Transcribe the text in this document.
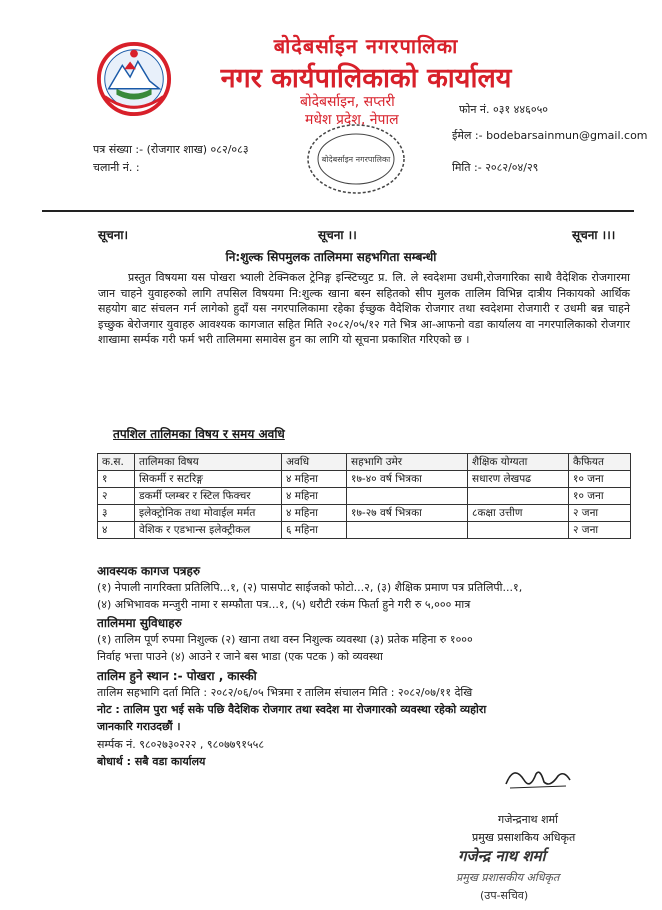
बोदेबर्साइन नगरपालिका
नगर कार्यपालिकाको कार्यालय
बोदेबर्साइन, सप्तरी
मधेश प्रदेश, नेपाल
बोदेबर्साइन नगरपालिका
फोन नं. ०३१ ४४६०५०
ईमेल :- bodebarsainmun@gmail.com
पत्र संख्या :- (रोजगार शाख) ०८२/०८३
चलानी नं. :	मिति :- २०८२/०४/२९
सूचना।	सूचना ।।	सूचना ।।।
नि:शुल्क सिपमुलक तालिममा सहभगिता सम्बन्धी
प्रस्तुत विषयमा यस पोखरा भ्याली टेक्निकल ट्रेनिङ्ग इन्स्टिच्युट प्र. लि. ले स्वदेशमा उधमी,रोजगारिका साथै वैदेशिक रोजगारमा जान चाहने युवाहरुको लागि तपसिल विषयमा नि:शुल्क खाना बस्न सहितको सीप मुलक तालिम विभिन्न दात्रीय निकायको आर्थिक सहयोग बाट संचलन गर्न लागेको हुदाँ यस नगरपालिकामा रहेका ईच्छुक वैदेशिक रोजगार तथा स्वदेशमा रोजगारी र उधमी बन्न चाहने इच्छुक बेरोजगार युवाहरु आवश्यक कागजात सहित मिति २०८२/०५/१२ गते भित्र आ-आफनो वडा कार्यालय वा नगरपालिकाको रोजगार शाखामा सर्म्पक गरी फर्म भरी तालिममा समावेस हुन का लागि यो सूचना प्रकाशित गरिएको छ ।
तपशिल तालिमका विषय र समय अवधि
क.स.	तालिमका विषय	अवधि	सहभागि उमेर	शैक्षिक योग्यता	कैफियत
१	सिकर्मी र सटरिङ्ग	४ महिना	१७-४० वर्ष भित्रका	सधारण लेखपढ	१० जना
२	डकर्मी प्लम्बर र स्टिल फिक्चर	४ महिना			१० जना
३	इलेक्ट्रोनिक तथा मोवाईल मर्मत	४ महिना	१७-२७ वर्ष भित्रका	८कक्षा उत्तीण	२ जना
४	वेशिक र एडभान्स इलेक्ट्रीकल	६ महिना			२ जना
आवस्यक कागज पत्रहरु
(१) नेपाली नागरिक्ता प्रतिलिपि...१, (२) पासपोट साईजको फोटो...२, (३) शैक्षिक प्रमाण पत्र प्रतिलिपी...१,
(४) अभिभावक मन्जुरी नामा र सम्फौता पत्र...१, (५) धरौटी रकंम फिर्ता हुने गरी रु ५,००० मात्र
तालिममा सुविधाहरु
(१) तालिम पूर्ण रुपमा निशुल्क (२) खाना तथा वस्न निशुल्क व्यवस्था (३) प्रतेक महिना रु १०००
निर्वाह भत्ता पाउने (४) आउने र जाने बस भाडा (एक पटक ) को व्यवस्था
तालिम हुने स्थान :- पोखरा , कास्की
तालिम सहभागि दर्ता मिति : २०८२/०६/०५ भित्रमा र तालिम संचालन मिति : २०८२/०७/११ देखि
नोट : तालिम पुरा भई सके पछि वैदेशिक रोजगार तथा स्वदेश मा रोजगारको व्यवस्था रहेको व्यहोरा
जानकारि गराउदछौं ।
सर्म्पक नं. ९८०२७३०२२२ , ९८०७७९१५५८
बोधार्थ : सबै वडा कार्यालय
गजेन्द्रनाथ शर्मा
प्रमुख प्रसाशकिय अधिकृत
गजेन्द्र नाथ शर्मा
प्रमुख प्रशासकीय अधिकृत
(उप-सचिव)
